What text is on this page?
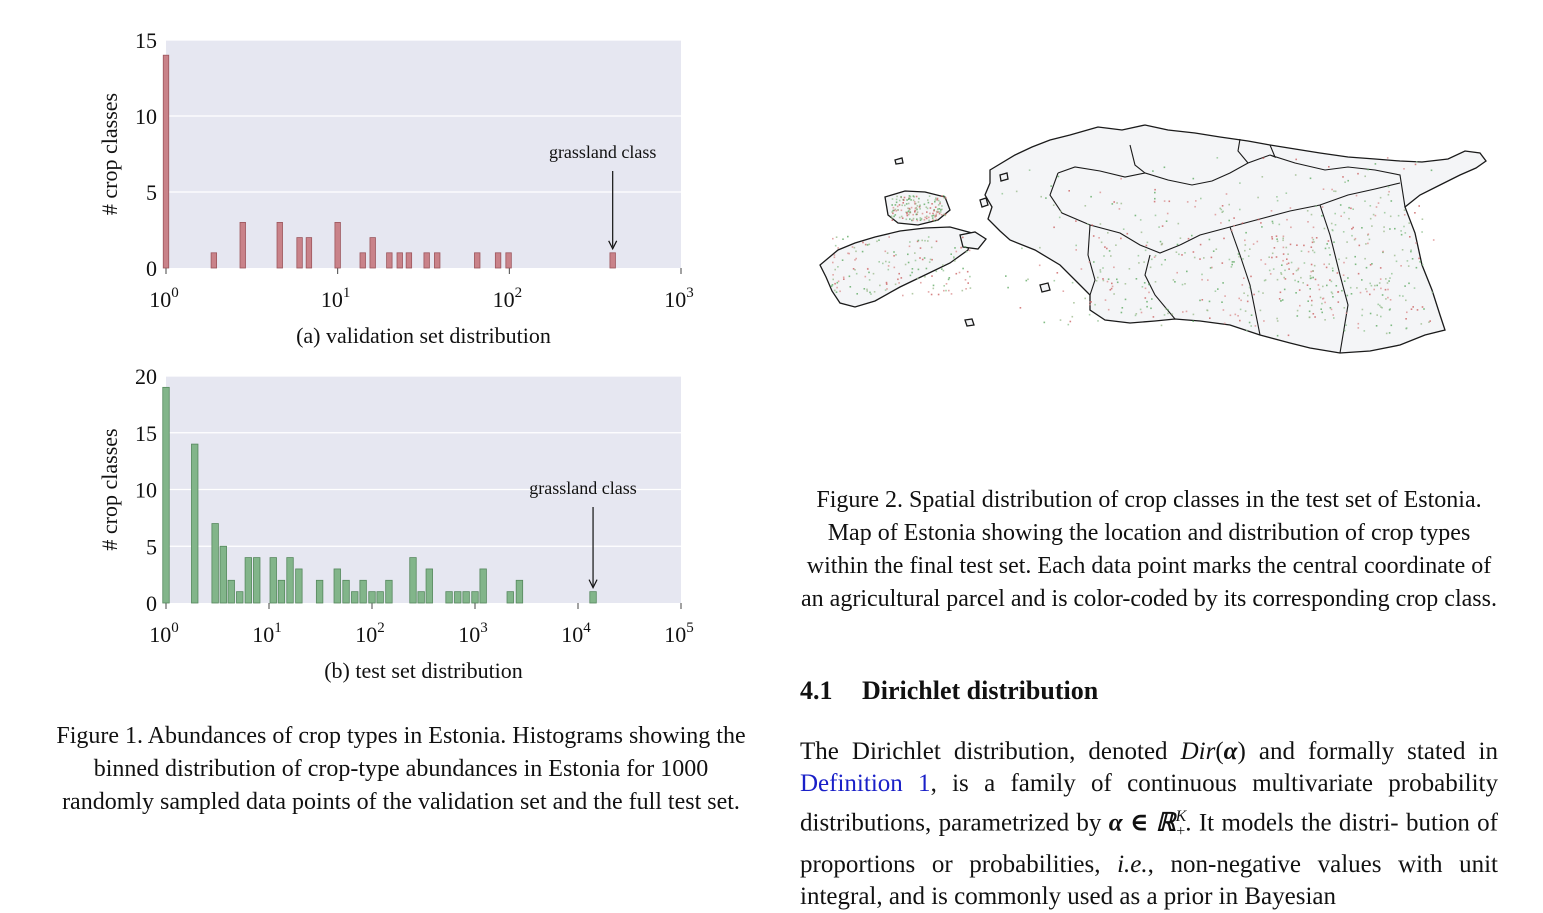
0
5
10
15
$10^0$	$10^1$	$10^2$	$10^3$
# crop classes	grassland class
(a) validation set distribution
0
5
10
15
20
$10^0$	$10^1$	$10^2$	$10^3$	$10^4$	$10^5$
# crop classes	grassland class
(b) test set distribution

Figure 1. Abundances of crop types in Estonia. Histograms showing the binned distribution of crop-type abundances in Estonia for 1000 randomly sampled data points of the validation set and the full test set.

Figure 2. Spatial distribution of crop classes in the test set of Estonia. Map of Estonia showing the location and distribution of crop types within the final test set. Each data point marks the central coordinate of an agricultural parcel and is color-coded by its corresponding crop class.

4.1 Dirichlet distribution

The Dirichlet distribution, denoted Dir(α) and formally stated in Definition 1, is a family of continuous multivariate probability distributions, parametrized by α ∈ ℝ$^K_+$. It models the distri- bution of proportions or probabilities, i.e., non-negative values with unit integral, and is commonly used as a prior in Bayesian
